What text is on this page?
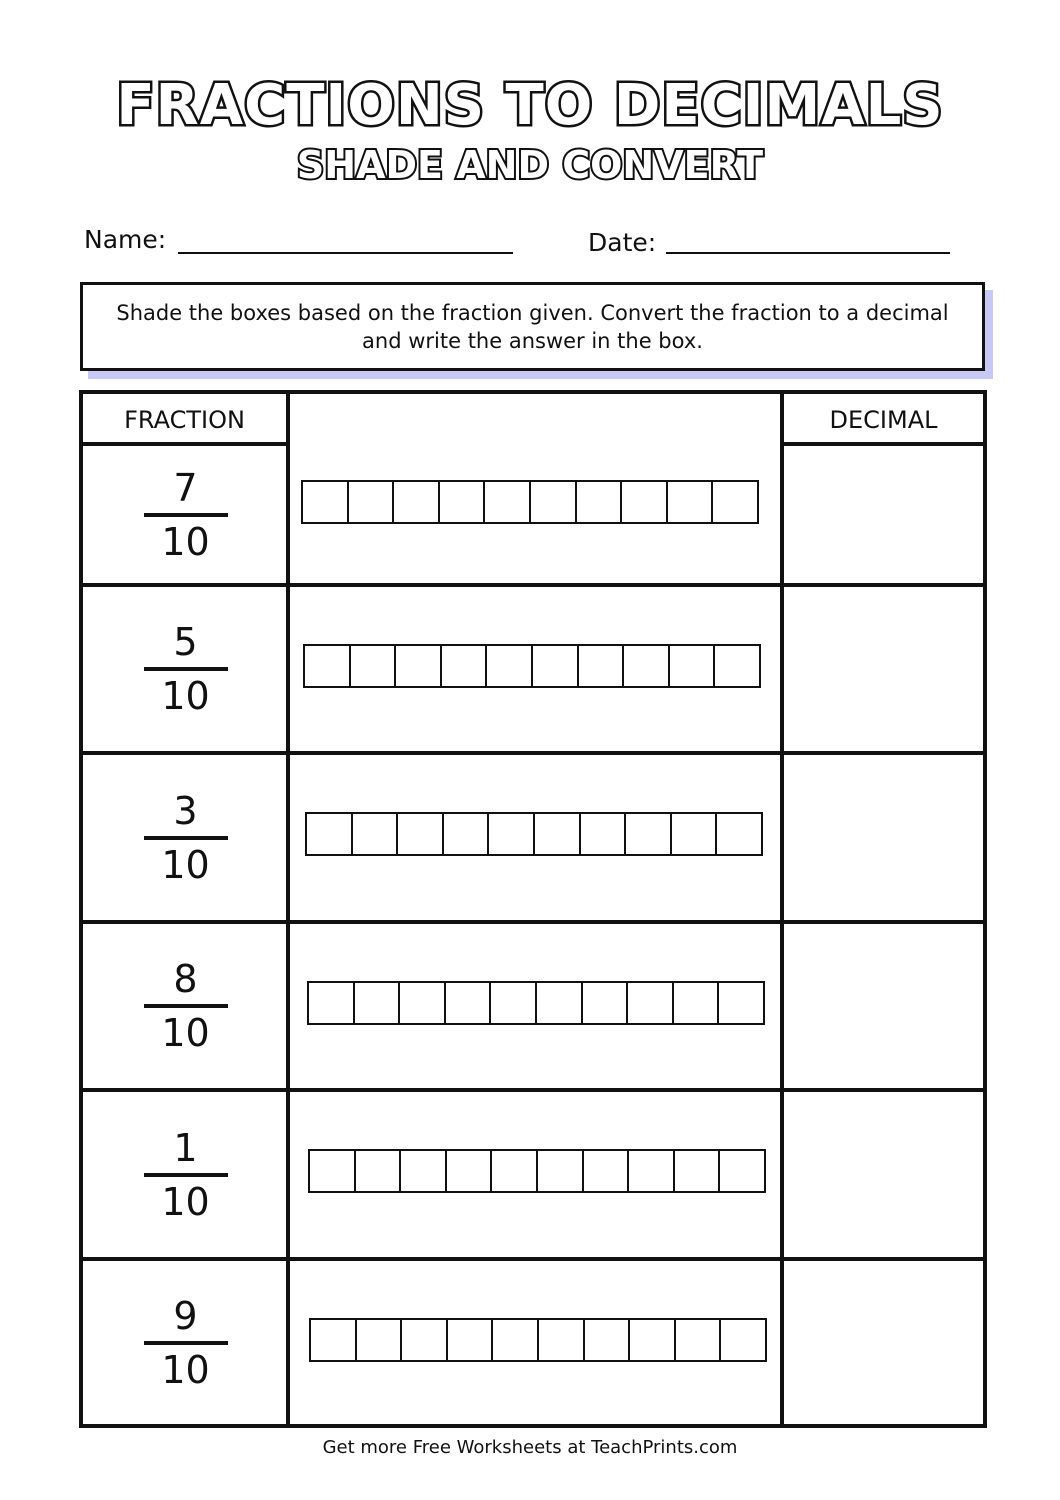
FRACTIONS TO DECIMALS
SHADE AND CONVERT
Name:	Date:
Shade the boxes based on the fraction given. Convert the fraction to a decimal and write the answer in the box.
FRACTION	DECIMAL
7
10
5
10
3
10
8
10
1
10
9
10
Get more Free Worksheets at TeachPrints.com
